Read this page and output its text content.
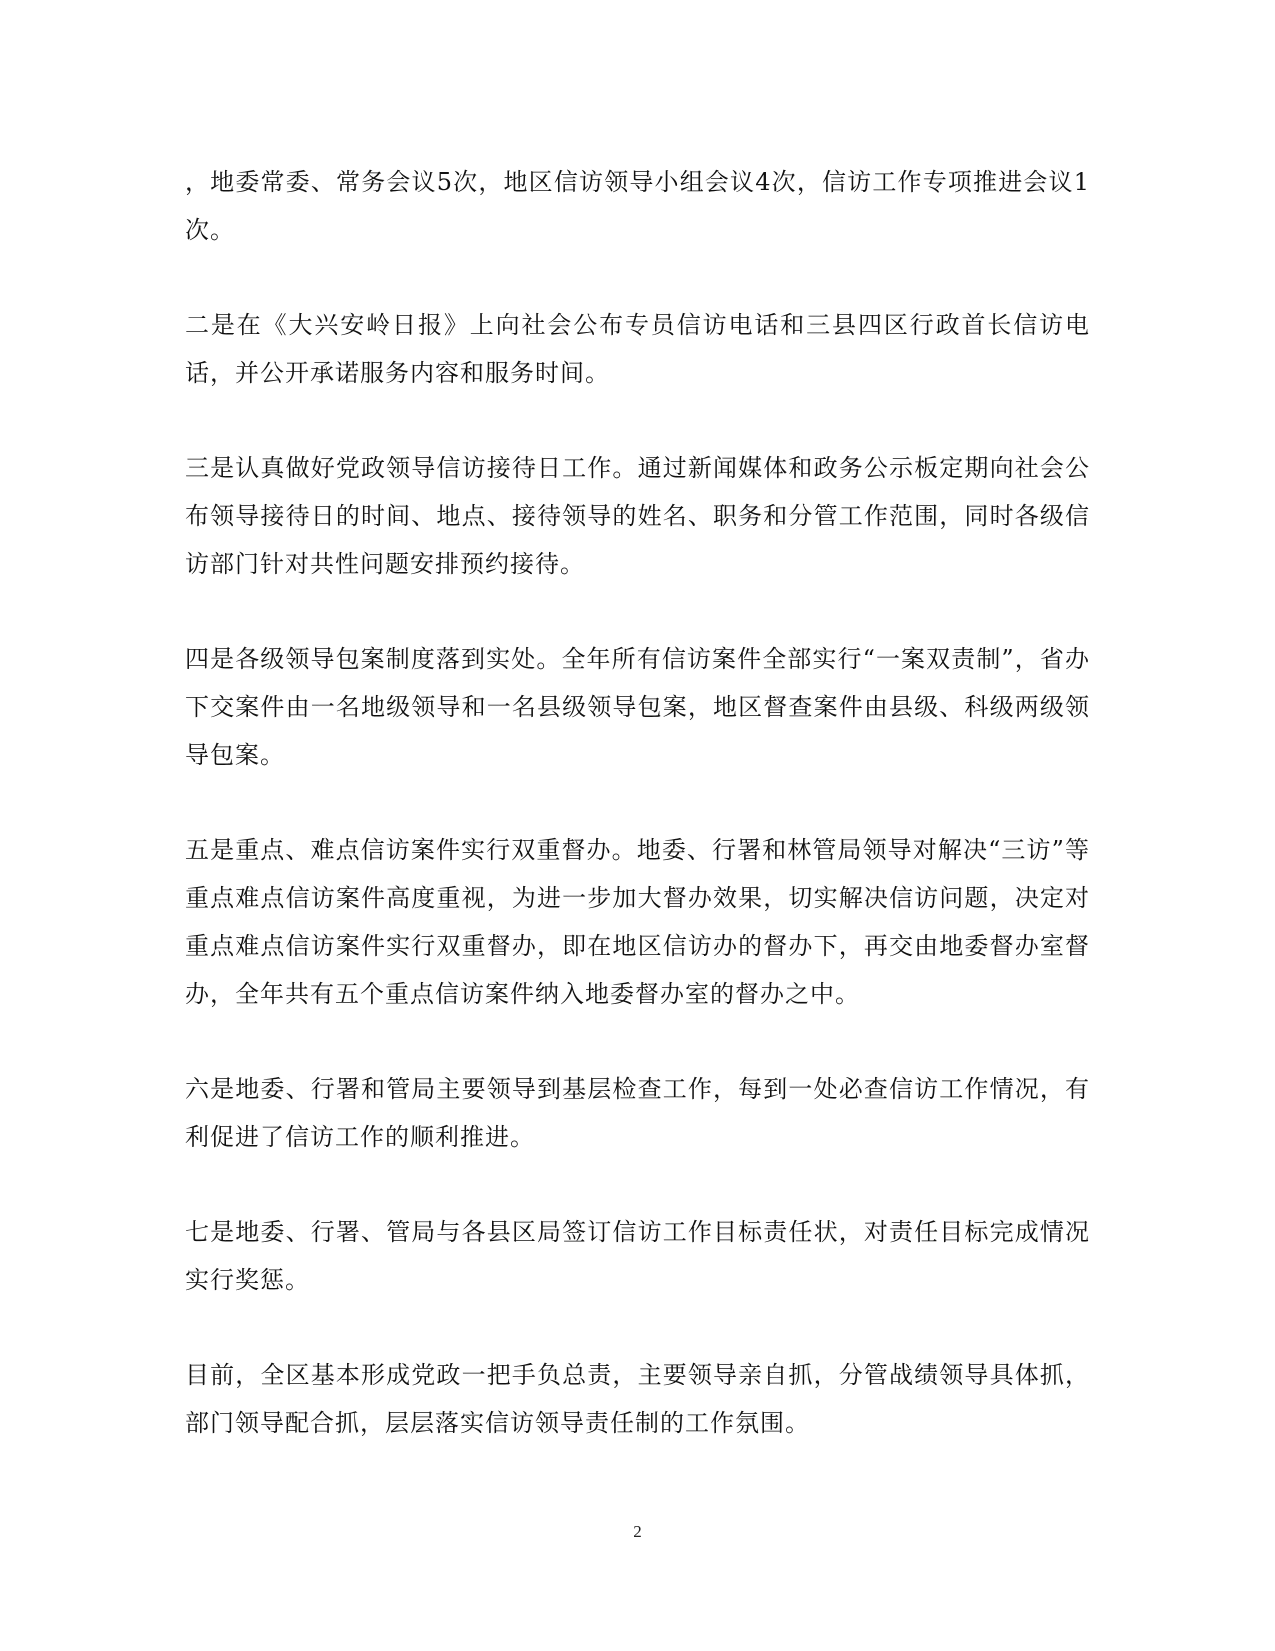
，地委常委、常务会议5次，地区信访领导小组会议4次，信访工作专项推进会议1次。

二是在《大兴安岭日报》上向社会公布专员信访电话和三县四区行政首长信访电话，并公开承诺服务内容和服务时间。

三是认真做好党政领导信访接待日工作。通过新闻媒体和政务公示板定期向社会公布领导接待日的时间、地点、接待领导的姓名、职务和分管工作范围，同时各级信访部门针对共性问题安排预约接待。

四是各级领导包案制度落到实处。全年所有信访案件全部实行“一案双责制”，省办下交案件由一名地级领导和一名县级领导包案，地区督查案件由县级、科级两级领导包案。

五是重点、难点信访案件实行双重督办。地委、行署和林管局领导对解决“三访”等重点难点信访案件高度重视，为进一步加大督办效果，切实解决信访问题，决定对重点难点信访案件实行双重督办，即在地区信访办的督办下，再交由地委督办室督办，全年共有五个重点信访案件纳入地委督办室的督办之中。

六是地委、行署和管局主要领导到基层检查工作，每到一处必查信访工作情况，有利促进了信访工作的顺利推进。

七是地委、行署、管局与各县区局签订信访工作目标责任状，对责任目标完成情况实行奖惩。

目前，全区基本形成党政一把手负总责，主要领导亲自抓，分管战绩领导具体抓，部门领导配合抓，层层落实信访领导责任制的工作氛围。

2
